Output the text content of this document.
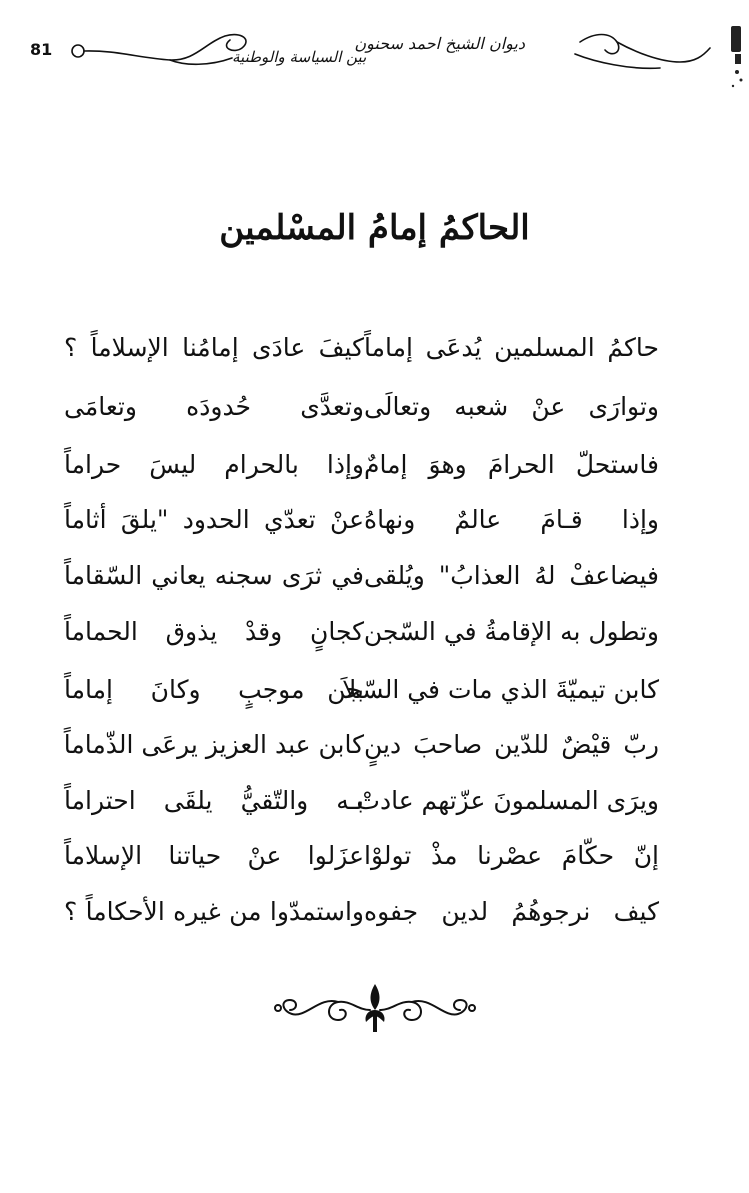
81	ديوان الشيخ احمد سحنون
بين السياسة والوطنية
الحاكمُ إمامُ المسْلمين
حاكمُ المسلمين يُدعَى إماماً
كيفَ عادَى إمامُنا الإسلاماً ؟
وتوارَى عنْ شعبه وتعالَى
وتعدَّى حُدودَه وتعامَى
فاستحلّ الحرامَ وهوَ إمامٌ
وإذا بالحرام ليسَ حراماً
وإذا قـامَ عالمٌ ونهاهُ
عنْ تعدّي الحدود "يلقَ أثاماً
فيضاعفْ لهُ العذابُ" ويُلقى
في ثرَى سجنه يعاني السّقاماً
وتطول به الإقامةُ في السّجن
كجانٍ وقدْ يذوق الحماماً
كابن تيميّةَ الذي مات في السّجن
بلاَ موجبٍ وكانَ إماماً
ربّ قيْضٌ للدّين صاحبَ دينٍ
كابن عبد العزيز يرعَى الذّماماً
ويرَى المسلمونَ عزّتهم عادتْ
بـه والتّقيُّ يلقَى احتراماً
إنّ حكّامَ عصْرنا مذْ تولوْا
عزَلوا عنْ حياتنا الإسلاماً
كيف نرجوهُمُ لدين جفوه
واستمدّوا من غيره الأحكاماً ؟
